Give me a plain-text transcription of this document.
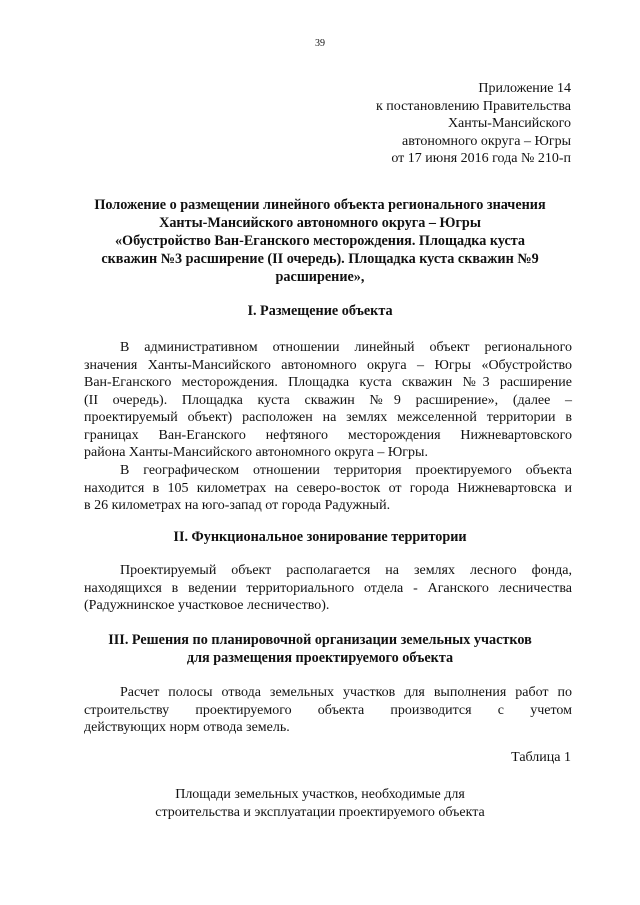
39
Приложение 14
к постановлению Правительства
Ханты-Мансийского
автономного округа – Югры
от 17 июня 2016 года № 210-п
Положение о размещении линейного объекта регионального значения
Ханты-Мансийского автономного округа – Югры
«Обустройство Ван-Еганского месторождения. Площадка куста
скважин №3 расширение (II очередь). Площадка куста скважин №9
расширение»,
I. Размещение объекта
В административном отношении линейный объект регионального
значения Ханты-Мансийского автономного округа – Югры «Обустройство
Ван-Еганского месторождения. Площадка куста скважин №3 расширение
(II очередь). Площадка куста скважин №9 расширение», (далее –
проектируемый объект) расположен на землях межселенной территории в
границах Ван-Еганского нефтяного месторождения Нижневартовского
района Ханты-Мансийского автономного округа – Югры.
В географическом отношении территория проектируемого объекта
находится в 105 километрах на северо-восток от города Нижневартовска и
в 26 километрах на юго-запад от города Радужный.
II. Функциональное зонирование территории
Проектируемый объект располагается на землях лесного фонда,
находящихся в ведении территориального отдела - Аганского лесничества
(Радужнинское участковое лесничество).
III. Решения по планировочной организации земельных участков
для размещения проектируемого объекта
Расчет полосы отвода земельных участков для выполнения работ по
строительству проектируемого объекта производится с учетом
действующих норм отвода земель.
Таблица 1
Площади земельных участков, необходимые для
строительства и эксплуатации проектируемого объекта
